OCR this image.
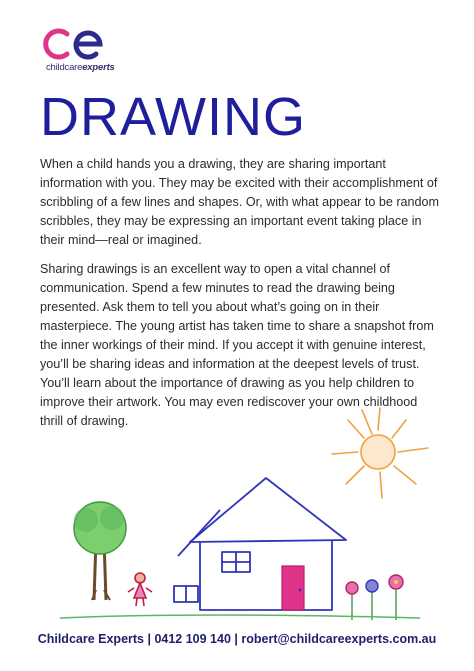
childcareexperts
DRAWING

When a child hands you a drawing, they are sharing important information with you. They may be excited with their accomplishment of scribbling of a few lines and shapes. Or, with what appear to be random scribbles, they may be expressing an important event taking place in their mind—real or imagined.

Sharing drawings is an excellent way to open a vital channel of communication. Spend a few minutes to read the drawing being presented. Ask them to tell you about what’s going on in their masterpiece. The young artist has taken time to share a snapshot from the inner workings of their mind. If you accept it with genuine interest, you’ll be sharing ideas and information at the deepest levels of trust. You’ll learn about the importance of drawing as you help children to improve their artwork. You may even rediscover your own childhood thrill of drawing.

Childcare Experts | 0412 109 140 | robert@childcareexperts.com.au
